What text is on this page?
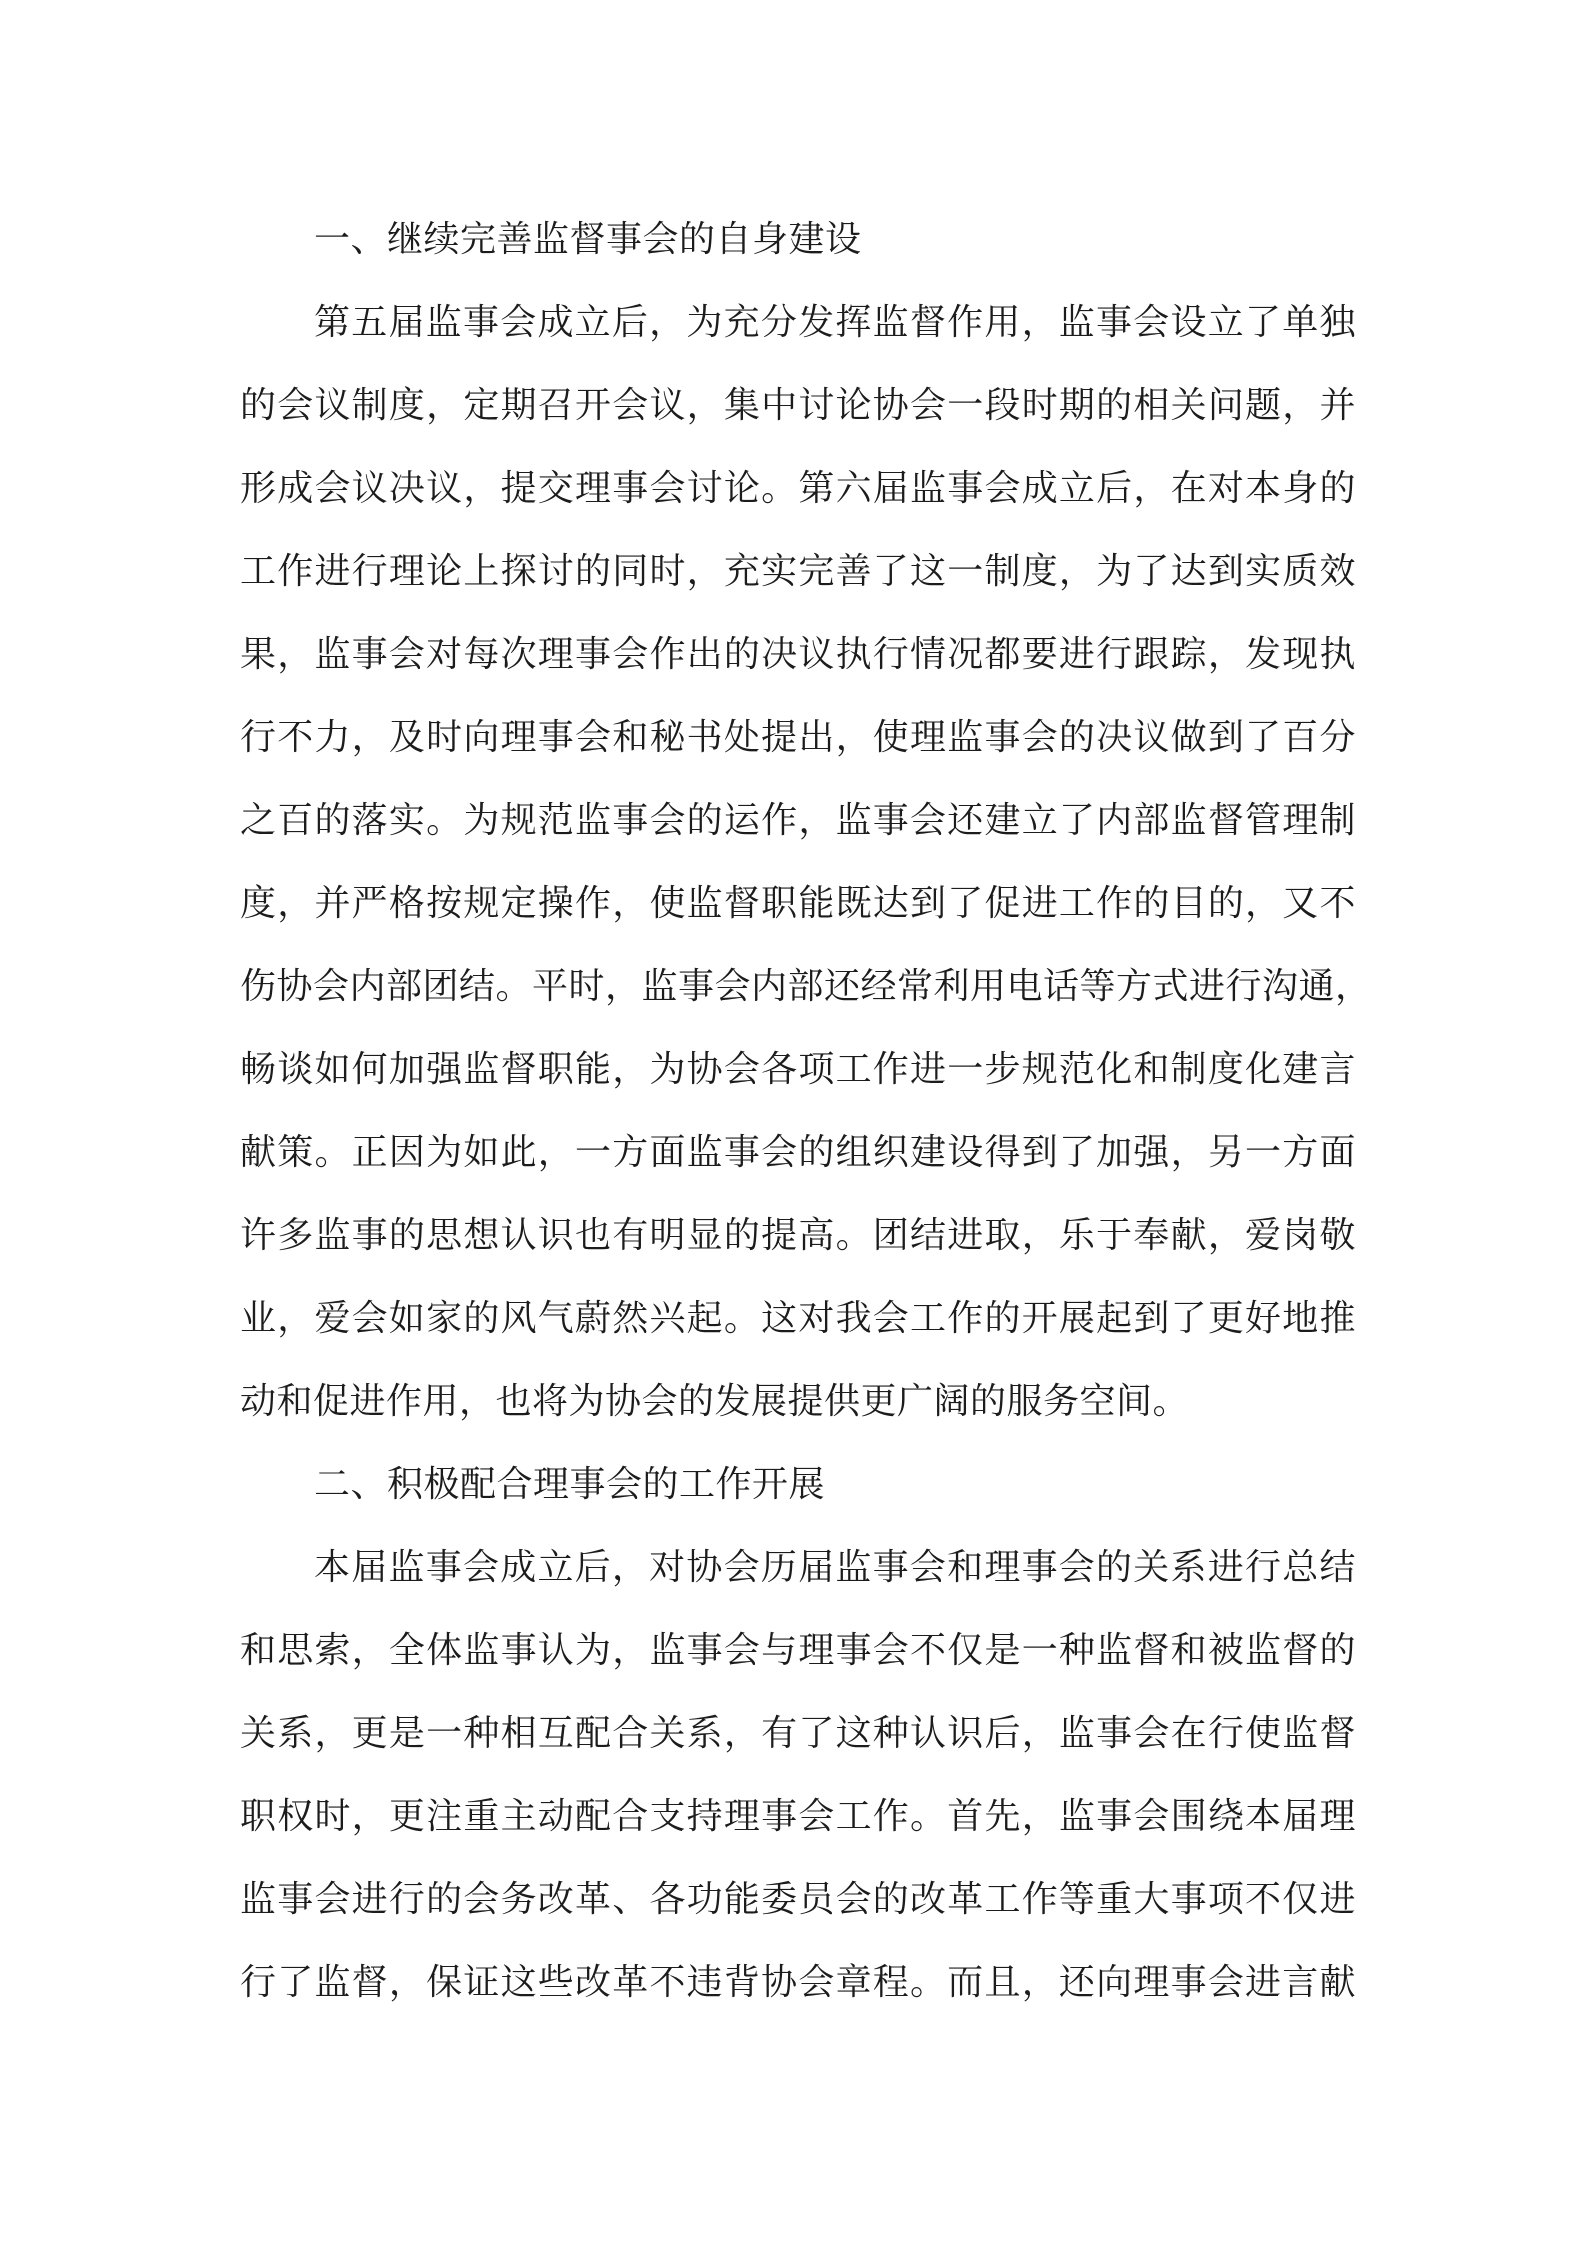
一、继续完善监督事会的自身建设
第五届监事会成立后，为充分发挥监督作用，监事会设立了单独
的会议制度，定期召开会议，集中讨论协会一段时期的相关问题，并
形成会议决议，提交理事会讨论。第六届监事会成立后，在对本身的
工作进行理论上探讨的同时，充实完善了这一制度，为了达到实质效
果，监事会对每次理事会作出的决议执行情况都要进行跟踪，发现执
行不力，及时向理事会和秘书处提出，使理监事会的决议做到了百分
之百的落实。为规范监事会的运作，监事会还建立了内部监督管理制
度，并严格按规定操作，使监督职能既达到了促进工作的目的，又不
伤协会内部团结。平时，监事会内部还经常利用电话等方式进行沟通，
畅谈如何加强监督职能，为协会各项工作进一步规范化和制度化建言
献策。正因为如此，一方面监事会的组织建设得到了加强，另一方面
许多监事的思想认识也有明显的提高。团结进取，乐于奉献，爱岗敬
业，爱会如家的风气蔚然兴起。这对我会工作的开展起到了更好地推
动和促进作用，也将为协会的发展提供更广阔的服务空间。
二、积极配合理事会的工作开展
本届监事会成立后，对协会历届监事会和理事会的关系进行总结
和思索，全体监事认为，监事会与理事会不仅是一种监督和被监督的
关系，更是一种相互配合关系，有了这种认识后，监事会在行使监督
职权时，更注重主动配合支持理事会工作。首先，监事会围绕本届理
监事会进行的会务改革、各功能委员会的改革工作等重大事项不仅进
行了监督，保证这些改革不违背协会章程。而且，还向理事会进言献
